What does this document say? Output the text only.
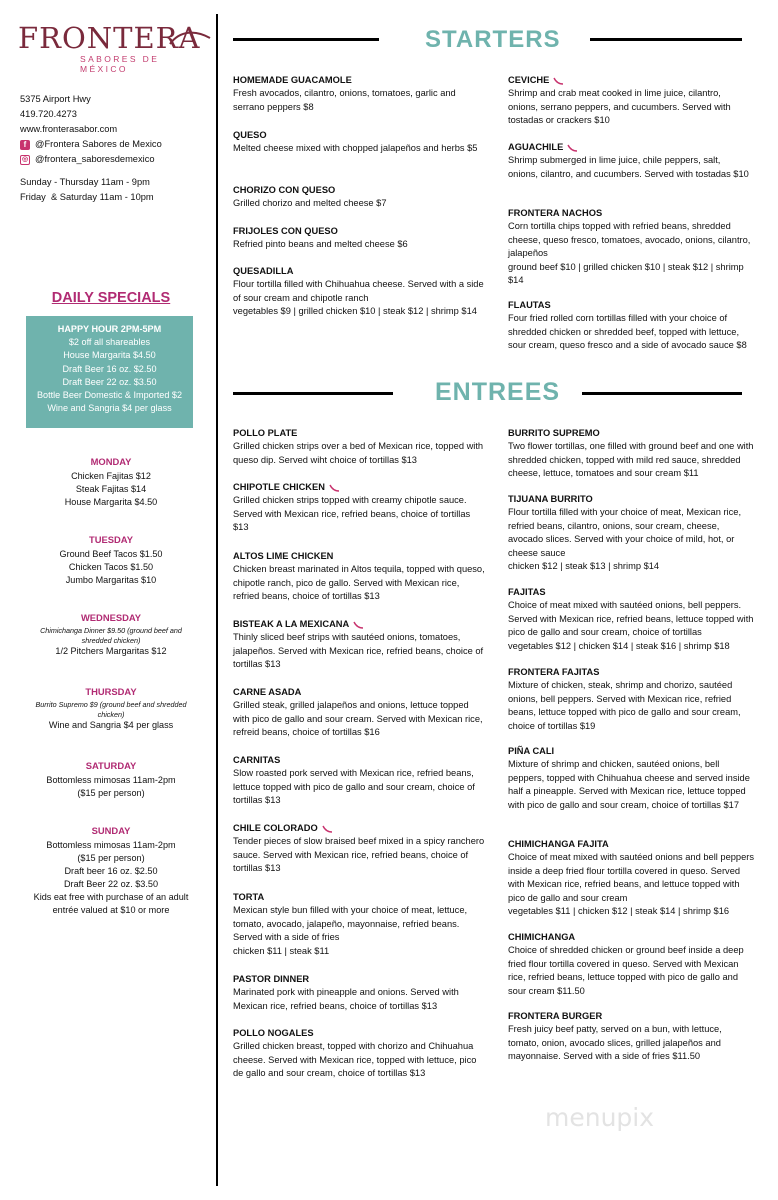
FRONTERA
SABORES DE MÉXICO
5375 Airport Hwy
419.720.4273
www.fronterasabor.com
f @Frontera Sabores de Mexico
◎ @frontera_saboresdemexico
Sunday - Thursday 11am - 9pm
Friday  & Saturday 11am - 10pm
DAILY SPECIALS
HAPPY HOUR 2PM-5PM
$2 off all shareables
House Margarita $4.50
Draft Beer 16 oz. $2.50
Draft Beer 22 oz. $3.50
Bottle Beer Domestic & Imported $2
Wine and Sangria $4 per glass
MONDAY
Chicken Fajitas $12
Steak Fajitas $14
House Margarita $4.50
TUESDAY
Ground Beef Tacos $1.50
Chicken Tacos $1.50
Jumbo Margaritas $10
WEDNESDAY
Chimichanga Dinner $9.50 (ground beef and shredded chicken)
1/2 Pitchers Margaritas $12
THURSDAY
Burrito Supremo $9 (ground beef and shredded chicken)
Wine and Sangria $4 per glass
SATURDAY
Bottomless mimosas 11am-2pm
($15 per person)
SUNDAY
Bottomless mimosas 11am-2pm
($15 per person)
Draft beer 16 oz. $2.50
Draft Beer 22 oz. $3.50
Kids eat free with purchase of an adult entrée valued at $10 or more
STARTERS
HOMEMADE GUACAMOLE
Fresh avocados, cilantro, onions, tomatoes, garlic and serrano peppers $8
QUESO
Melted cheese mixed with chopped jalapeños and herbs $5
CHORIZO CON QUESO
Grilled chorizo and melted cheese $7
FRIJOLES CON QUESO
Refried pinto beans and melted cheese $6
QUESADILLA
Flour tortilla filled with Chihuahua cheese. Served with a side of sour cream and chipotle ranch
vegetables $9 | grilled chicken $10 | steak $12 | shrimp $14
CEVICHE
Shrimp and crab meat cooked in lime juice, cilantro, onions, serrano peppers, and cucumbers. Served with tostadas or crackers $10
AGUACHILE
Shrimp submerged in lime juice, chile peppers, salt, onions, cilantro, and cucumbers. Served with tostadas $10
FRONTERA NACHOS
Corn tortilla chips topped with refried beans, shredded cheese, queso fresco, tomatoes, avocado, onions, cilantro, jalapeños
ground beef $10 | grilled chicken $10 | steak $12 | shrimp $14
FLAUTAS
Four fried rolled corn tortillas filled with your choice of shredded chicken or shredded beef, topped with lettuce, sour cream, queso fresco and a side of avocado sauce $8
ENTREES
POLLO PLATE
Grilled chicken strips over a bed of Mexican rice, topped with queso dip. Served wiht choice of tortillas $13
CHIPOTLE CHICKEN
Grilled chicken strips topped with creamy chipotle sauce. Served with Mexican rice, refried beans, choice of tortillas $13
ALTOS LIME CHICKEN
Chicken breast marinated in Altos tequila, topped with queso, chipotle ranch, pico de gallo. Served with Mexican rice, refried beans, choice of tortillas $13
BISTEAK A LA MEXICANA
Thinly sliced beef strips with sautéed onions, tomatoes, jalapeños. Served with Mexican rice, refried beans, choice of tortillas $13
CARNE ASADA
Grilled steak, grilled jalapeños and onions, lettuce topped with pico de gallo and sour cream. Served with Mexican rice, refreid beans, choice of tortillas $16
CARNITAS
Slow roasted pork served with Mexican rice, refried beans, lettuce topped with pico de gallo and sour cream, choice of tortillas $13
CHILE COLORADO
Tender pieces of slow braised beef mixed in a spicy ranchero sauce. Served with Mexican rice, refried beans, choice of tortillas $13
TORTA
Mexican style bun filled with your choice of meat, lettuce, tomato, avocado, jalapeño, mayonnaise, refried beans. Served with a side of fries
chicken $11 | steak $11
PASTOR DINNER
Marinated pork with pineapple and onions. Served with Mexican rice, refried beans, choice of tortillas $13
POLLO NOGALES
Grilled chicken breast, topped with chorizo and Chihuahua cheese. Served with Mexican rice, topped with lettuce, pico de gallo and sour cream, choice of tortillas $13
BURRITO SUPREMO
Two flower tortillas, one filled with ground beef and one with shredded chicken, topped with mild red sauce, shredded cheese, lettuce, tomatoes and sour cream $11
TIJUANA BURRITO
Flour tortilla filled with your choice of meat, Mexican rice, refried beans, cilantro, onions, sour cream, cheese, avocado slices. Served with your choice of mild, hot, or cheese sauce
chicken $12 | steak $13 | shrimp $14
FAJITAS
Choice of meat mixed with sautéed onions, bell peppers. Served with Mexican rice, refried beans, lettuce topped with pico de gallo and sour cream, choice of tortillas
vegetables $12 | chicken $14 | steak $16 | shrimp $18
FRONTERA FAJITAS
Mixture of chicken, steak, shrimp and chorizo, sautéed onions, bell peppers. Served with Mexican rice, refried beans, lettuce topped with pico de gallo and sour cream, choice of tortillas $19
PIÑA CALI
Mixture of shrimp and chicken, sautéed onions, bell peppers, topped with Chihuahua cheese and served inside half a pineapple. Served with Mexican rice, lettuce topped with pico de gallo and sour cream, choice of tortillas $17
CHIMICHANGA FAJITA
Choice of meat mixed with sautéed onions and bell peppers inside a deep fried flour tortilla covered in queso. Served with Mexican rice, refried beans, and lettuce topped with pico de gallo and sour cream
vegetables $11 | chicken $12 | steak $14 | shrimp $16
CHIMICHANGA
Choice of shredded chicken or ground beef inside a deep fried flour tortilla covered in queso. Served with Mexican rice, refried beans, lettuce topped with pico de gallo and sour cream $11.50
FRONTERA BURGER
Fresh juicy beef patty, served on a bun, with lettuce, tomato, onion, avocado slices, grilled jalapeños and mayonnaise. Served with a side of fries $11.50
menupix
